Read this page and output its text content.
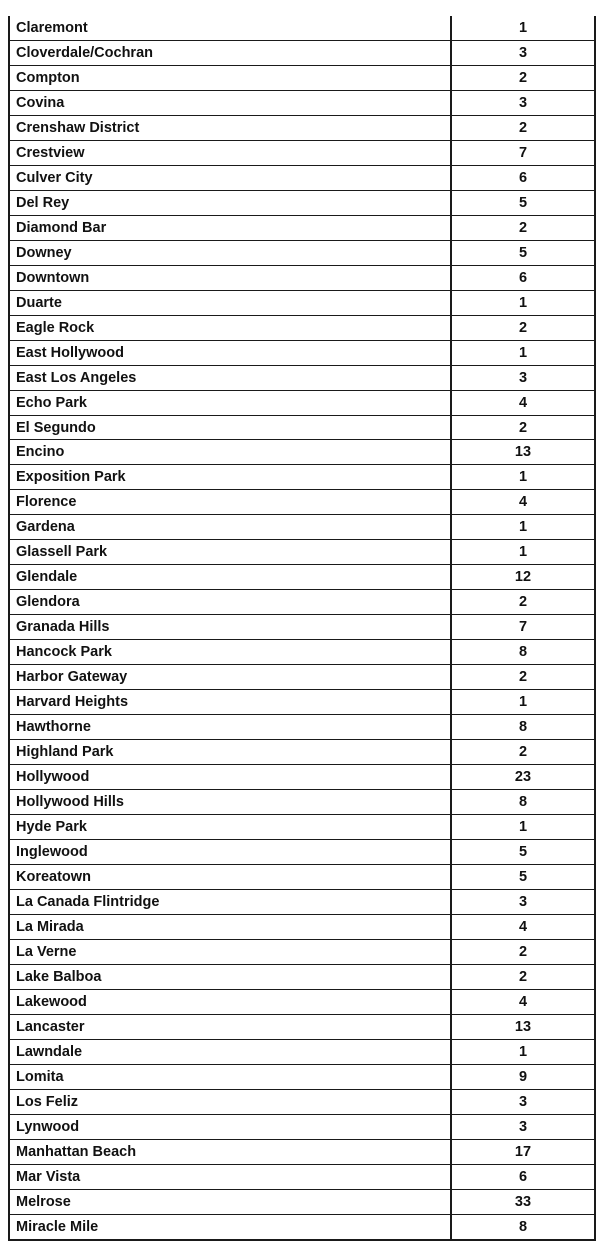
Claremont	1
Cloverdale/Cochran	3
Compton	2
Covina	3
Crenshaw District	2
Crestview	7
Culver City	6
Del Rey	5
Diamond Bar	2
Downey	5
Downtown	6
Duarte	1
Eagle Rock	2
East Hollywood	1
East Los Angeles	3
Echo Park	4
El Segundo	2
Encino	13
Exposition Park	1
Florence	4
Gardena	1
Glassell Park	1
Glendale	12
Glendora	2
Granada Hills	7
Hancock Park	8
Harbor Gateway	2
Harvard Heights	1
Hawthorne	8
Highland Park	2
Hollywood	23
Hollywood Hills	8
Hyde Park	1
Inglewood	5
Koreatown	5
La Canada Flintridge	3
La Mirada	4
La Verne	2
Lake Balboa	2
Lakewood	4
Lancaster	13
Lawndale	1
Lomita	9
Los Feliz	3
Lynwood	3
Manhattan Beach	17
Mar Vista	6
Melrose	33
Miracle Mile	8
